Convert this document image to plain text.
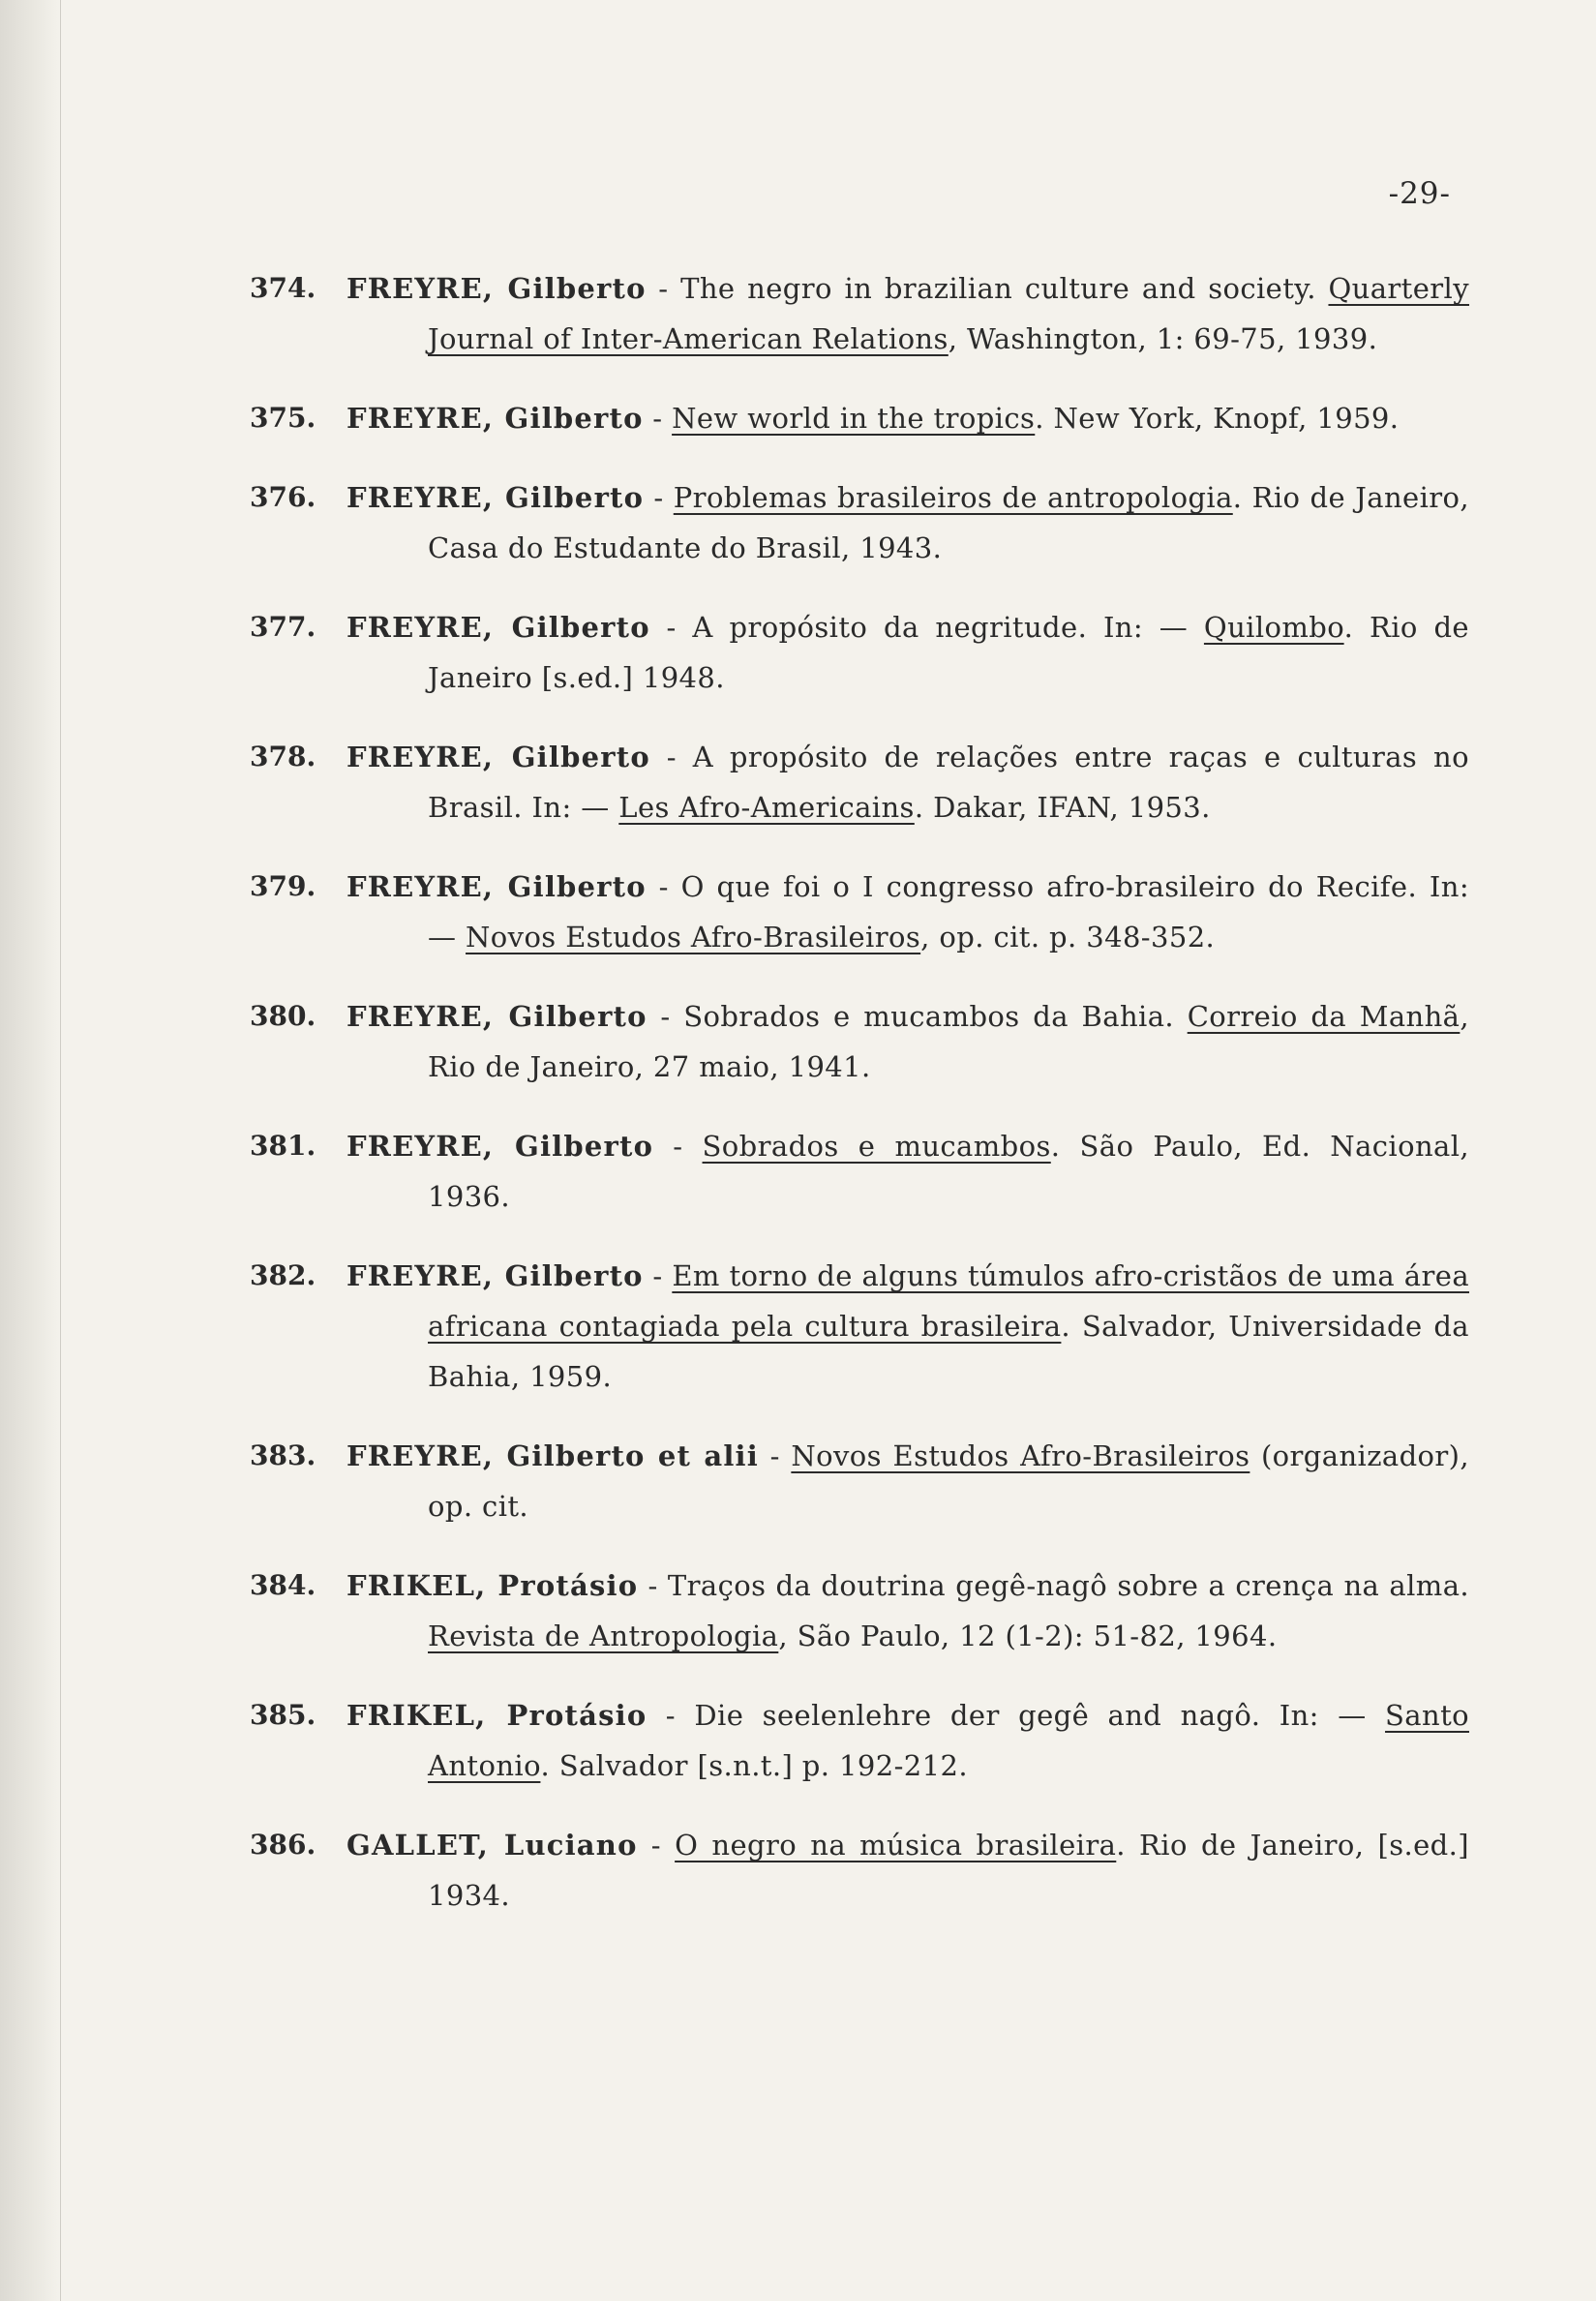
-29-
374.	FREYRE, Gilberto - The negro in brazilian culture and society. Quarterly Journal of Inter-American Relations, Washington, 1: 69-75, 1939.
375.	FREYRE, Gilberto - New world in the tropics. New York, Knopf, 1959.
376.	FREYRE, Gilberto - Problemas brasileiros de antropologia. Rio de Janeiro, Casa do Estudante do Brasil, 1943.
377.	FREYRE, Gilberto - A propósito da negritude. In: — Quilombo. Rio de Janeiro [s.ed.] 1948.
378.	FREYRE, Gilberto - A propósito de relações entre raças e culturas no Brasil. In: — Les Afro-Americains. Dakar, IFAN, 1953.
379.	FREYRE, Gilberto - O que foi o I congresso afro-brasileiro do Recife. In: — Novos Estudos Afro-Brasileiros, op. cit. p. 348-352.
380.	FREYRE, Gilberto - Sobrados e mucambos da Bahia. Correio da Manhã, Rio de Janeiro, 27 maio, 1941.
381.	FREYRE, Gilberto - Sobrados e mucambos. São Paulo, Ed. Nacional, 1936.
382.	FREYRE, Gilberto - Em torno de alguns túmulos afro-cristãos de uma área africana contagiada pela cultura brasileira. Salvador, Universidade da Bahia, 1959.
383.	FREYRE, Gilberto et alii - Novos Estudos Afro-Brasileiros (organizador), op. cit.
384.	FRIKEL, Protásio - Traços da doutrina gegê-nagô sobre a crença na alma. Revista de Antropologia, São Paulo, 12 (1-2): 51-82, 1964.
385.	FRIKEL, Protásio - Die seelenlehre der gegê and nagô. In: — Santo Antonio. Salvador [s.n.t.] p. 192-212.
386.	GALLET, Luciano - O negro na música brasileira. Rio de Janeiro, [s.ed.] 1934.
